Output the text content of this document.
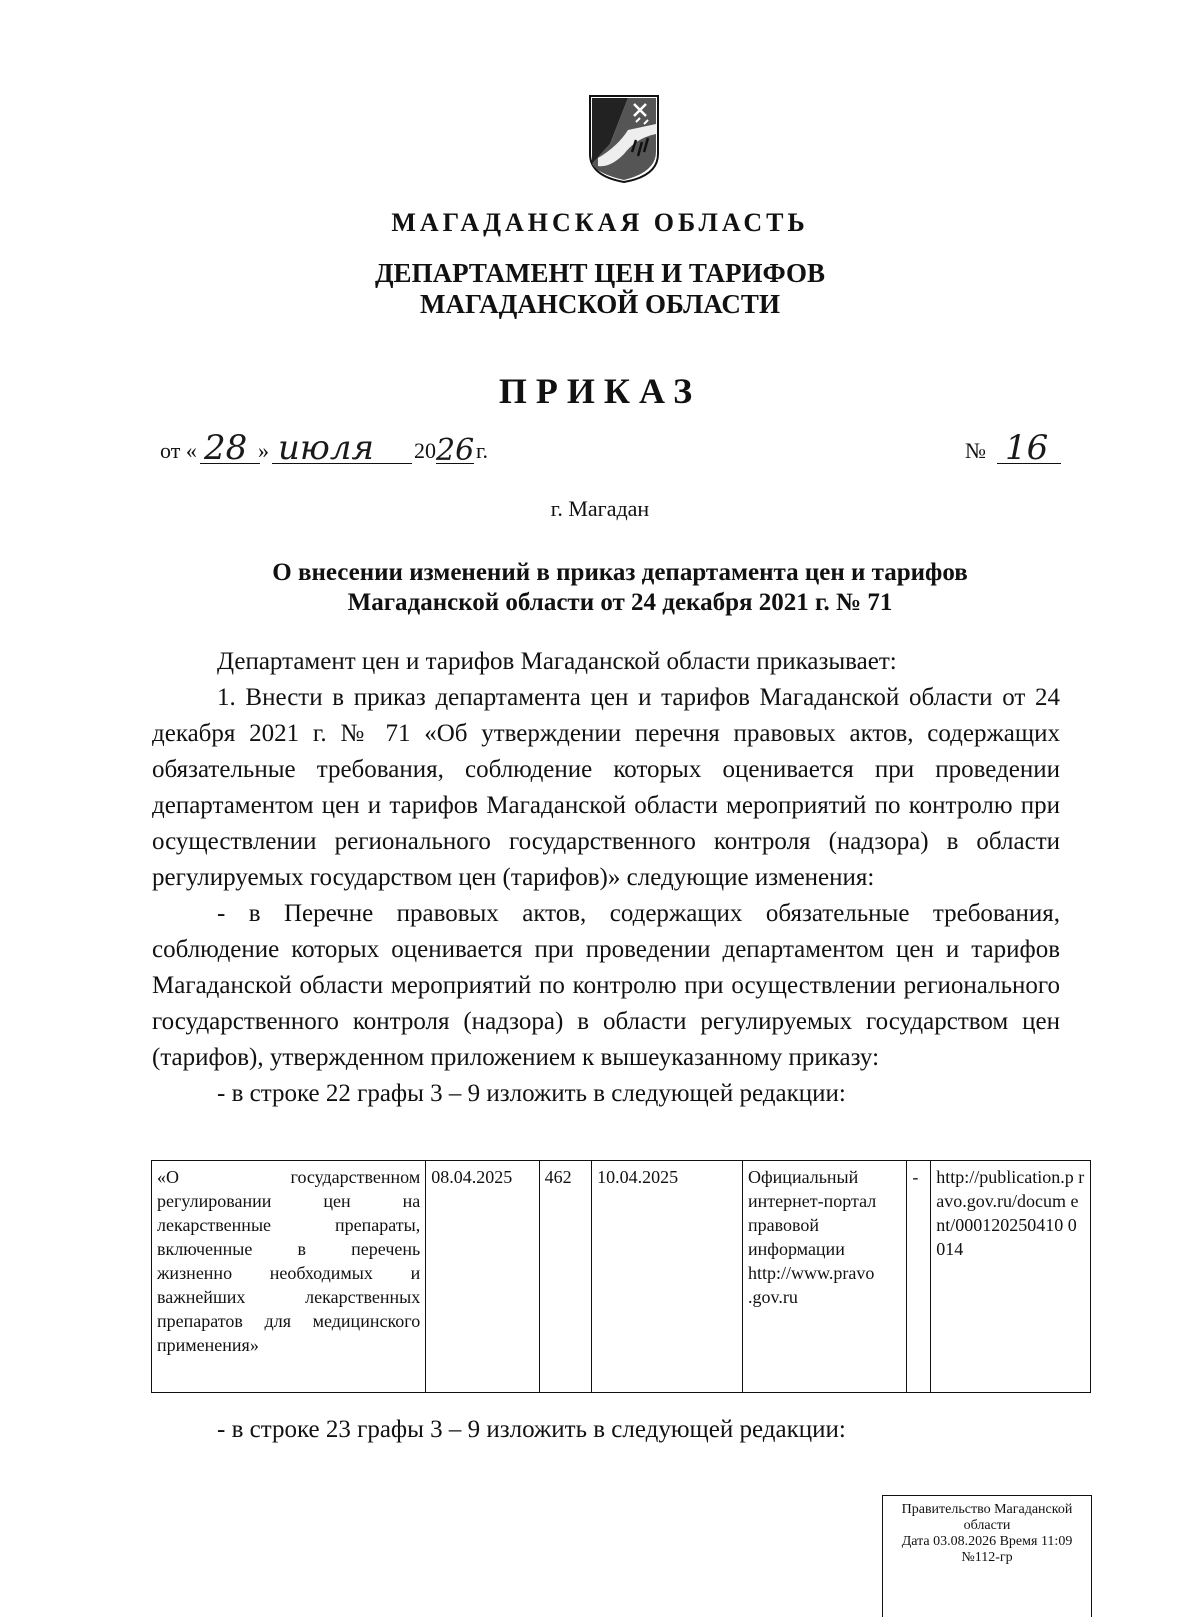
МАГАДАНСКАЯ ОБЛАСТЬ
ДЕПАРТАМЕНТ ЦЕН И ТАРИФОВ
МАГАДАНСКОЙ ОБЛАСТИ
ПРИКАЗ
от « 28 » июля 20 26 г.	№ 16
г. Магадан
О внесении изменений в приказ департамента цен и тарифов
Магаданской области от 24 декабря 2021 г. № 71

Департамент цен и тарифов Магаданской области приказывает:

1. Внести в приказ департамента цен и тарифов Магаданской области от 24 декабря 2021 г. № 71 «Об утверждении перечня правовых актов, содержащих обязательные требования, соблюдение которых оценивается при проведении департаментом цен и тарифов Магаданской области мероприятий по контролю при осуществлении регионального государственного контроля (надзора) в области регулируемых государством цен (тарифов)» следующие изменения:

- в Перечне правовых актов, содержащих обязательные требования, соблюдение которых оценивается при проведении департаментом цен и тарифов Магаданской области мероприятий по контролю при осуществлении регионального государственного контроля (надзора) в области регулируемых государством цен (тарифов), утвержденном приложением к вышеуказанному приказу:

- в строке 22 графы 3 – 9 изложить в следующей редакции:

«О государственном
регулировании цен на
лекарственные препараты,
включенные в перечень
жизненно необходимых и
важнейших лекарственных
препаратов для медицинского
применения»
	08.04.2025	462	10.04.2025	Официальный интернет-портал правовой информации http://www.pravo .gov.ru	-	http://publication.p ravo.gov.ru/docum ent/000120250410 0014
- в строке 23 графы 3 – 9 изложить в следующей редакции:
Правительство Магаданской
области
Дата 03.08.2026 Время 11:09
№112-гр
